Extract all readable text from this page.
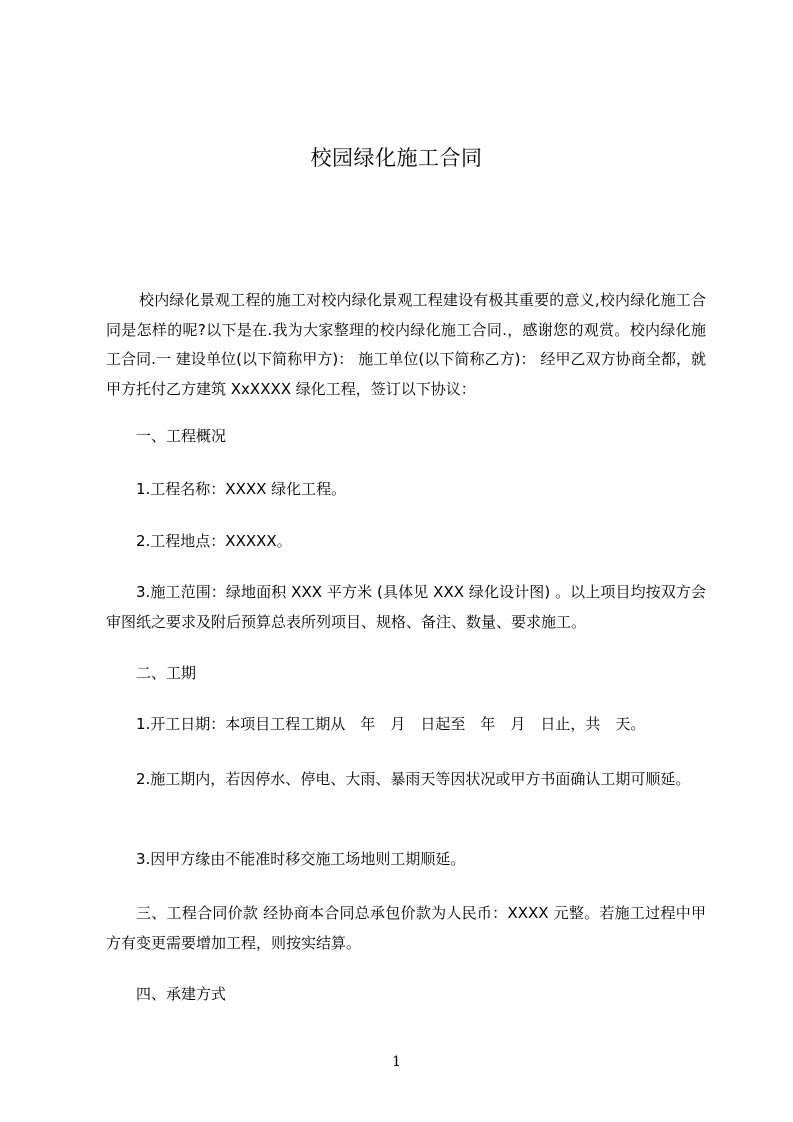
校园绿化施工合同
校内绿化景观工程的施工对校内绿化景观工程建设有极其重要的意义,校内绿化施工合同是怎样的呢?以下是在.我为大家整理的校内绿化施工合同.，感谢您的观赏。校内绿化施工合同.一 建设单位(以下简称甲方)： 施工单位(以下简称乙方)： 经甲乙双方协商全都，就甲方托付乙方建筑 XxXXXX 绿化工程，签订以下协议：
一、工程概况
1.工程名称：XXXX 绿化工程。
2.工程地点：XXXXX。
3.施工范围：绿地面积 XXX 平方米 (具体见 XXX 绿化设计图) 。以上项目均按双方会审图纸之要求及附后预算总表所列项目、规格、备注、数量、要求施工。
二、工期
1.开工日期：本项目工程工期从　年　月　日起至　年　月　日止，共　天。
2.施工期内，若因停水、停电、大雨、暴雨天等因状况或甲方书面确认工期可顺延。
3.因甲方缘由不能准时移交施工场地则工期顺延。
三、工程合同价款 经协商本合同总承包价款为人民币：XXXX 元整。若施工过程中甲方有变更需要增加工程，则按实结算。
四、承建方式
1
